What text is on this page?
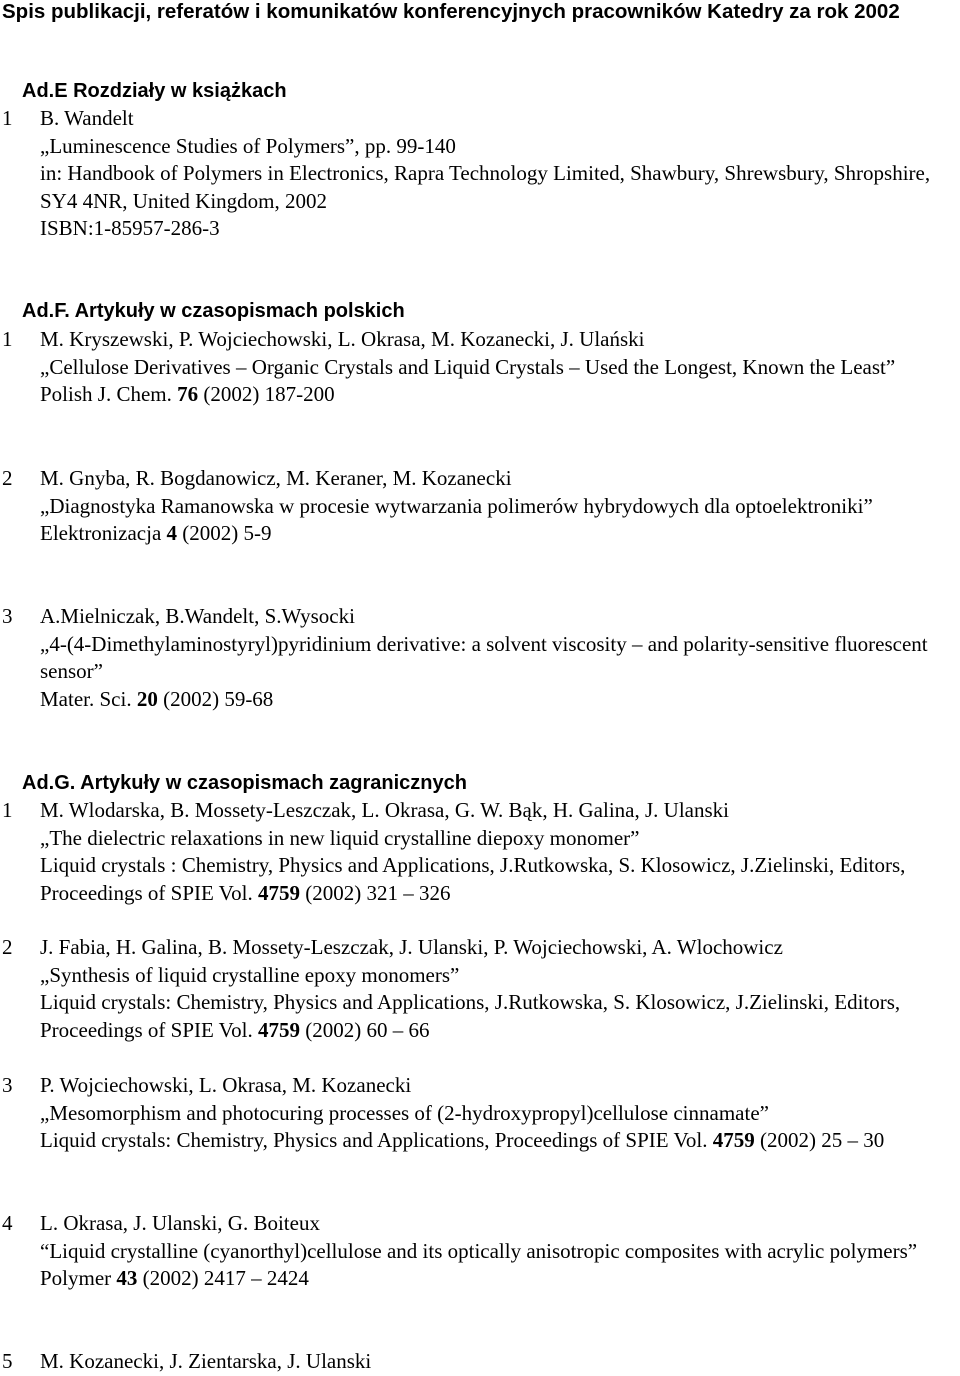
Spis publikacji, referatów i komunikatów konferencyjnych pracowników Katedry za rok 2002
Ad.E Rozdziały w książkach
1 B. Wandelt
„Luminescence Studies of Polymers”, pp. 99-140
in: Handbook of Polymers in Electronics, Rapra Technology Limited, Shawbury, Shrewsbury, Shropshire, SY4 4NR, United Kingdom, 2002
ISBN:1-85957-286-3
Ad.F. Artykuły w czasopismach polskich
1 M. Kryszewski, P. Wojciechowski, L. Okrasa, M. Kozanecki, J. Ulański
„Cellulose Derivatives – Organic Crystals and Liquid Crystals – Used the Longest, Known the Least”
Polish J. Chem. 76 (2002) 187-200
2 M. Gnyba, R. Bogdanowicz, M. Keraner, M. Kozanecki
„Diagnostyka Ramanowska w procesie wytwarzania polimerów hybrydowych dla optoelektroniki”
Elektronizacja 4 (2002) 5-9
3 A.Mielniczak, B.Wandelt, S.Wysocki
„4-(4-Dimethylaminostyryl)pyridinium derivative: a solvent viscosity – and polarity-sensitive fluorescent sensor”
Mater. Sci. 20 (2002) 59-68
Ad.G. Artykuły w czasopismach zagranicznych
1 M. Wlodarska, B. Mossety-Leszczak, L. Okrasa, G. W. Bąk, H. Galina, J. Ulanski
„The dielectric relaxations in new liquid crystalline diepoxy monomer”
Liquid crystals : Chemistry, Physics and Applications, J.Rutkowska, S. Klosowicz, J.Zielinski, Editors, Proceedings of SPIE Vol. 4759 (2002) 321 – 326
2 J. Fabia, H. Galina, B. Mossety-Leszczak, J. Ulanski, P. Wojciechowski, A. Wlochowicz
„Synthesis of liquid crystalline epoxy monomers”
Liquid crystals: Chemistry, Physics and Applications, J.Rutkowska, S. Klosowicz, J.Zielinski, Editors, Proceedings of SPIE Vol. 4759 (2002) 60 – 66
3 P. Wojciechowski, L. Okrasa, M. Kozanecki
„Mesomorphism and photocuring processes of (2-hydroxypropyl)cellulose cinnamate”
Liquid crystals: Chemistry, Physics and Applications, Proceedings of SPIE Vol. 4759 (2002) 25 – 30
4 L. Okrasa, J. Ulanski, G. Boiteux
“Liquid crystalline (cyanorthyl)cellulose and its optically anisotropic composites with acrylic polymers”
Polymer 43 (2002) 2417 – 2424
5 M. Kozanecki, J. Zientarska, J. Ulanski
